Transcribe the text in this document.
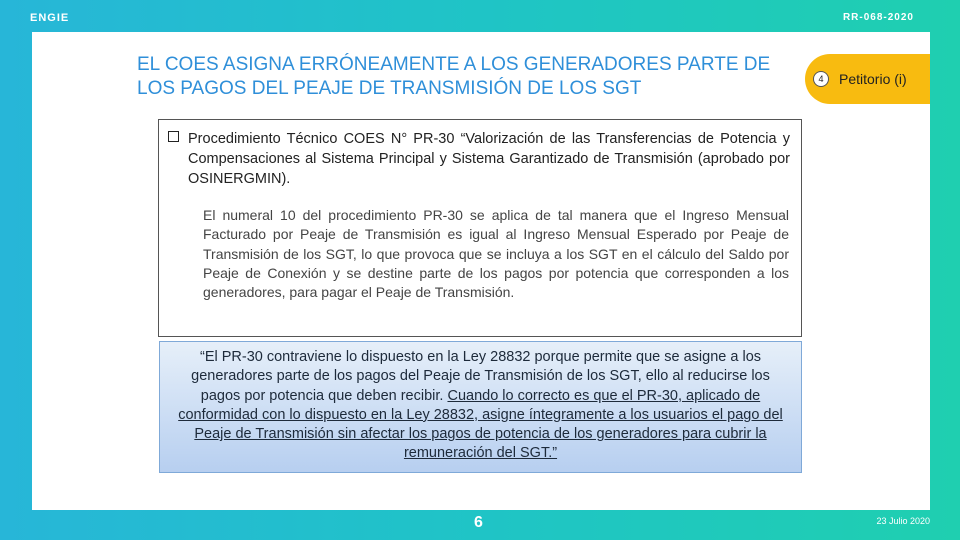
ENGIE	RR-068-2020
EL COES ASIGNA ERRÓNEAMENTE A LOS GENERADORES PARTE DE LOS PAGOS DEL PEAJE DE TRANSMISIÓN DE LOS SGT	4	Petitorio (i)
Procedimiento Técnico COES N° PR-30 “Valorización de las Transferencias de Potencia y Compensaciones al Sistema Principal y Sistema Garantizado de Transmisión (aprobado por OSINERGMIN).

El numeral 10 del procedimiento PR-30 se aplica de tal manera que el Ingreso Mensual Facturado por Peaje de Transmisión es igual al Ingreso Mensual Esperado por Peaje de Transmisión de los SGT, lo que provoca que se incluya a los SGT en el cálculo del Saldo por Peaje de Conexión y se destine parte de los pagos por potencia que corresponden a los generadores, para pagar el Peaje de Transmisión.

“El PR-30 contraviene lo dispuesto en la Ley 28832 porque permite que se asigne a los generadores parte de los pagos del Peaje de Transmisión de los SGT, ello al reducirse los pagos por potencia que deben recibir. Cuando lo correcto es que el PR-30, aplicado de conformidad con lo dispuesto en la Ley 28832, asigne íntegramente a los usuarios el pago del Peaje de Transmisión sin afectar los pagos de potencia de los generadores para cubrir la remuneración del SGT.”
6	23 Julio 2020
